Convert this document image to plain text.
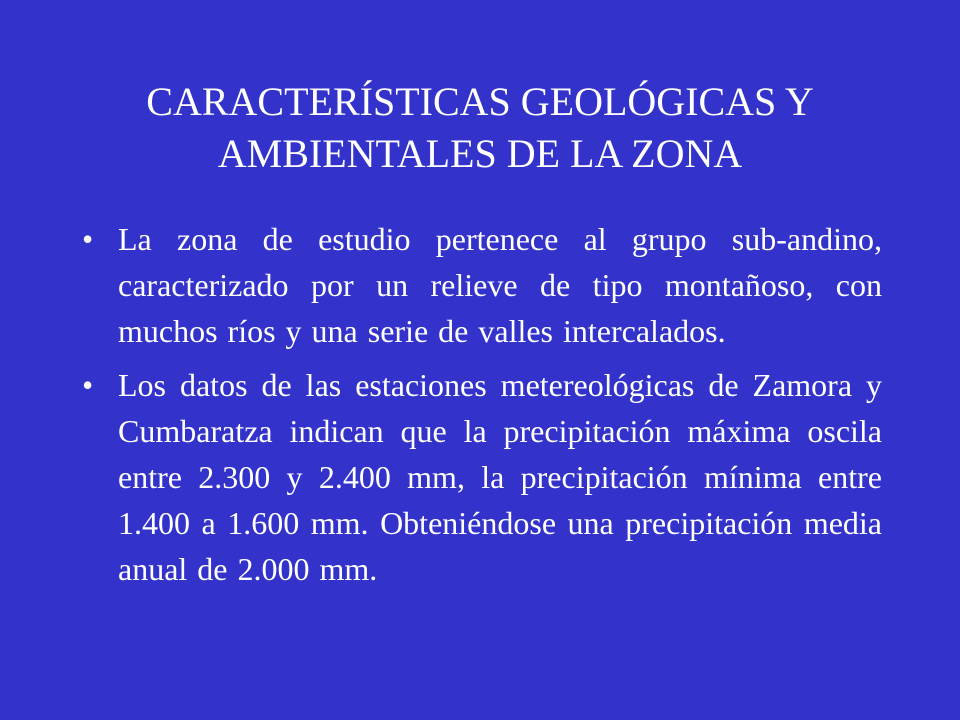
CARACTERÍSTICAS GEOLÓGICAS Y AMBIENTALES DE LA ZONA
• La zona de estudio pertenece al grupo sub-andino, caracterizado por un relieve de tipo montañoso, con muchos ríos y una serie de valles intercalados.
• Los datos de las estaciones metereológicas de Zamora y Cumbaratza indican que la precipitación máxima oscila entre 2.300 y 2.400 mm, la precipitación mínima entre 1.400 a 1.600 mm. Obteniéndose una precipitación media anual de 2.000 mm.
